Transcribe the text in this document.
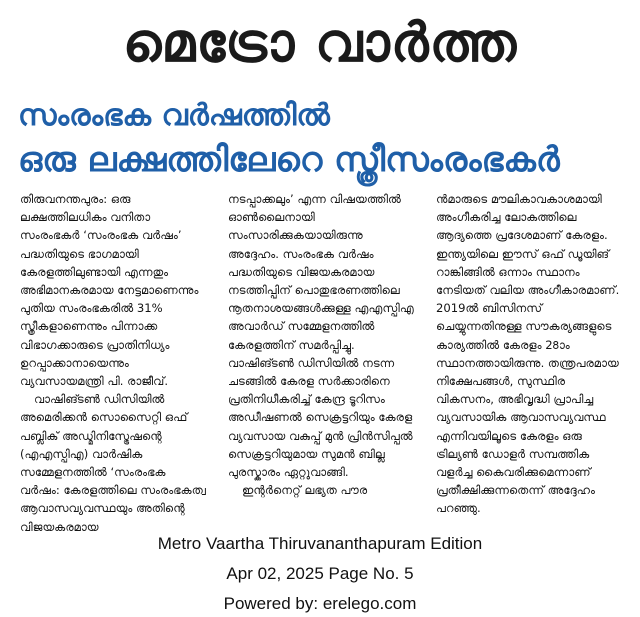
മെട്രോ വാർത്ത
സംരംഭക വർഷത്തിൽ
ഒരു ലക്ഷത്തിലേറെ സ്ത്രീസംരംഭകർ

തിരുവനന്തപുരം: ഒരു ലക്ഷത്തിലധികം വനിതാ സംരംഭകർ ‘സംരംഭക വർഷം’ പദ്ധതിയുടെ ഭാഗമായി കേരളത്തിലുണ്ടായി എന്നതും അഭിമാനകരമായ നേട്ടമാണെന്നും പുതിയ സംരംഭകരിൽ 31% സ്ത്രീകളാണെന്നും പിന്നാക്ക വിഭാഗക്കാരുടെ പ്രാതിനിധ്യം ഉറപ്പാക്കാനായെന്നും വ്യവസായമന്ത്രി പി. രാജീവ്.

വാഷിങ്ടൺ ഡിസിയിൽ അമെരിക്കൻ സൊസൈറ്റി ഒഫ് പബ്ലിക് അഡ്മിനിസ്ട്രേഷന്റെ (എഎസ്പിഎ) വാർഷിക സമ്മേളനത്തിൽ ‘സംരംഭക വർഷം: കേരളത്തിലെ സംരംഭകത്വ ആവാസവ്യവസ്ഥയും അതിന്റെ വിജയകരമായ

നടപ്പാക്കലും’ എന്ന വിഷയത്തിൽ ഓൺലൈനായി സംസാരിക്കുകയായിരുന്നു അദ്ദേഹം. സംരംഭക വർഷം പദ്ധതിയുടെ വിജയകരമായ നടത്തിപ്പിന് പൊതുഭരണത്തിലെ നൂതനാശയങ്ങൾക്കുള്ള എഎസ്പിഎ അവാർഡ് സമ്മേളനത്തിൽ കേരളത്തിന് സമർപ്പിച്ചു. വാഷിങ്ടൺ ഡിസിയിൽ നടന്ന ചടങ്ങിൽ കേരള സർക്കാരിനെ പ്രതിനിധീകരിച്ച് കേന്ദ്ര ടൂറിസം അഡീഷണൽ സെക്രട്ടറിയും കേരള വ്യവസായ വകുപ്പ് മുൻ പ്രിൻസിപ്പൽ സെക്രട്ടറിയുമായ സുമൻ ബില്ല പുരസ്കാരം ഏറ്റുവാങ്ങി.

ഇന്റർനെറ്റ് ലഭ്യത പൗര

ൻമാരുടെ മൗലികാവകാശമായി അംഗീകരിച്ച ലോകത്തിലെ ആദ്യത്തെ പ്രദേശമാണ് കേരളം. ഇന്ത്യയിലെ ഈസ് ഒഫ് ഡൂയിങ് റാങ്കിങ്ങിൽ ഒന്നാം സ്ഥാനം നേടിയത് വലിയ അംഗീകാരമാണ്. 2019ൽ ബിസിനസ് ചെയ്യുന്നതിനുള്ള സൗകര്യങ്ങളുടെ കാര്യത്തിൽ കേരളം 28ാം സ്ഥാനത്തായിരുന്നു. തന്ത്രപരമായ നിക്ഷേപങ്ങൾ, സുസ്ഥിര വികസനം, അഭിവൃദ്ധി പ്രാപിച്ച വ്യവസായിക ആവാസവ്യവസ്ഥ എന്നിവയിലൂടെ കേരളം ഒരു ട്രില്യൺ ഡോളർ സമ്പത്തിക വളർച്ച കൈവരിക്കുമെന്നാണ് പ്രതീക്ഷിക്കുന്നതെന്ന് അദ്ദേഹം പറഞ്ഞു.

Metro Vaartha Thiruvananthapuram Edition
Apr 02, 2025 Page No. 5
Powered by: erelego.com
